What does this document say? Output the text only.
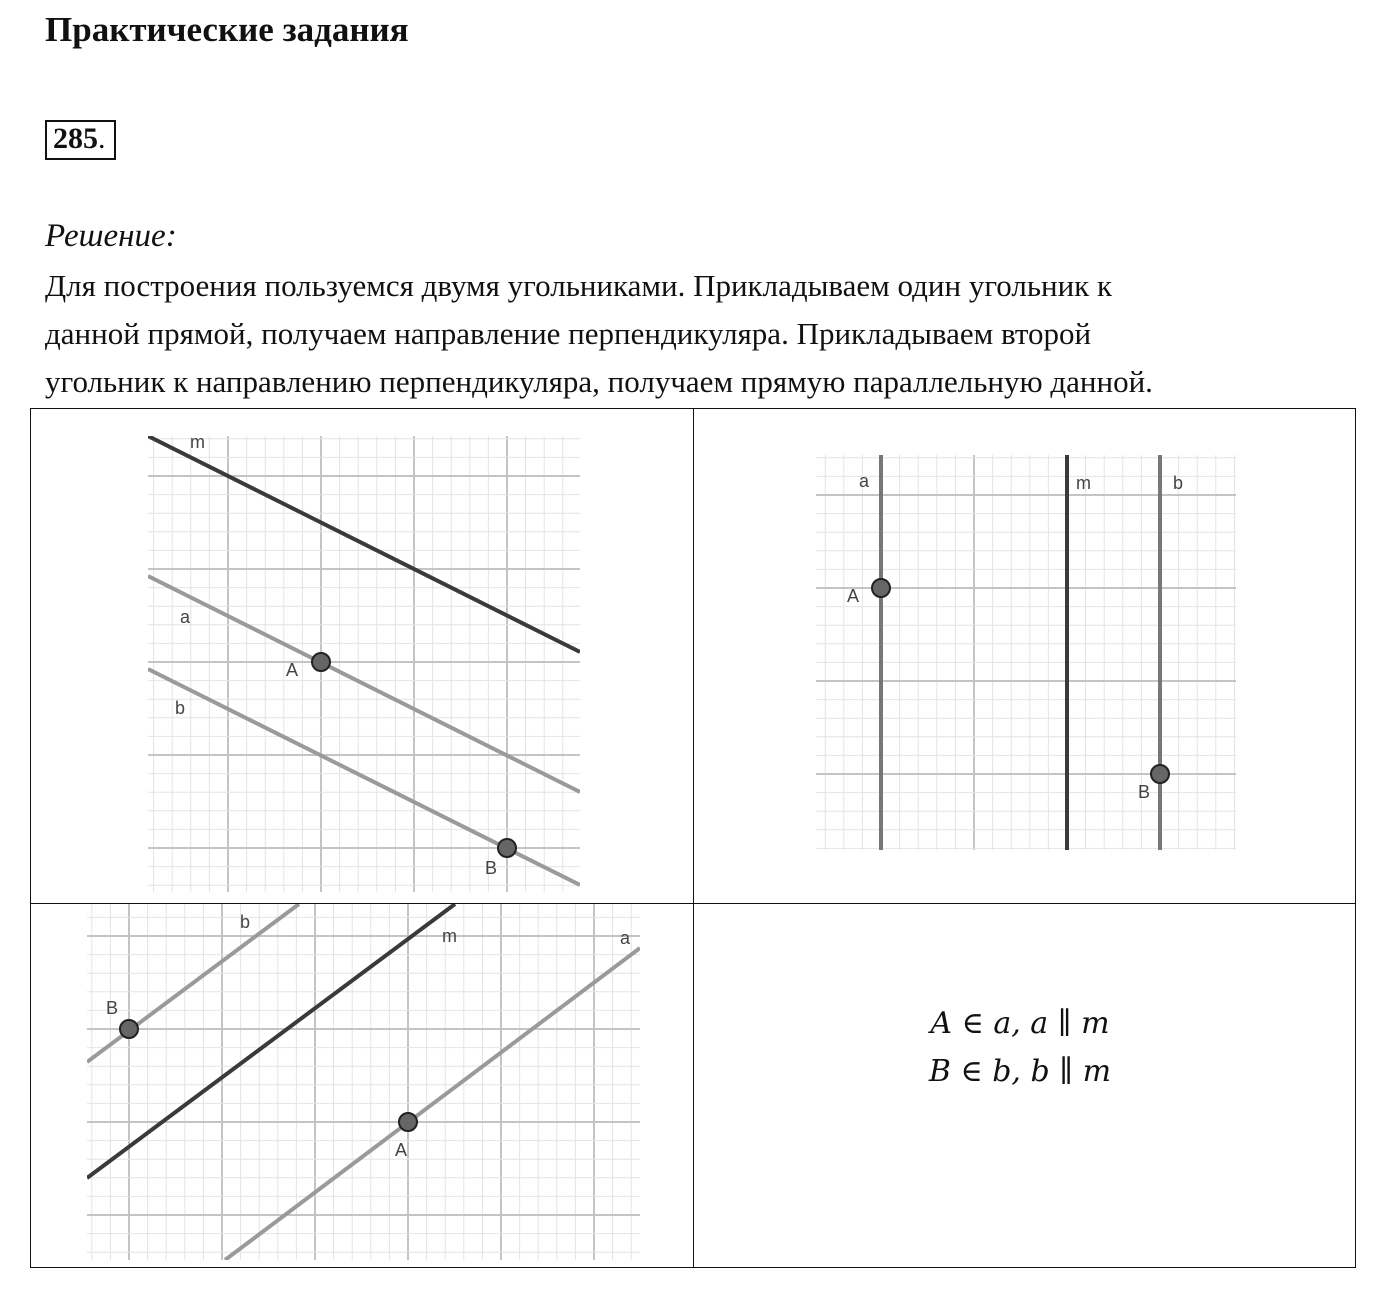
Практические задания
285.
Решение:

Для построения пользуемся двумя угольниками. Прикладываем один угольник к

данной прямой, получаем направление перпендикуляра. Прикладываем второй

угольник к направлению перпендикуляра, получаем прямую параллельную данной.

m
a
b
A
B
a	m	b
A
B
b
m	a
B
A
A ∈ a, a ∥ m
B ∈ b, b ∥ m
